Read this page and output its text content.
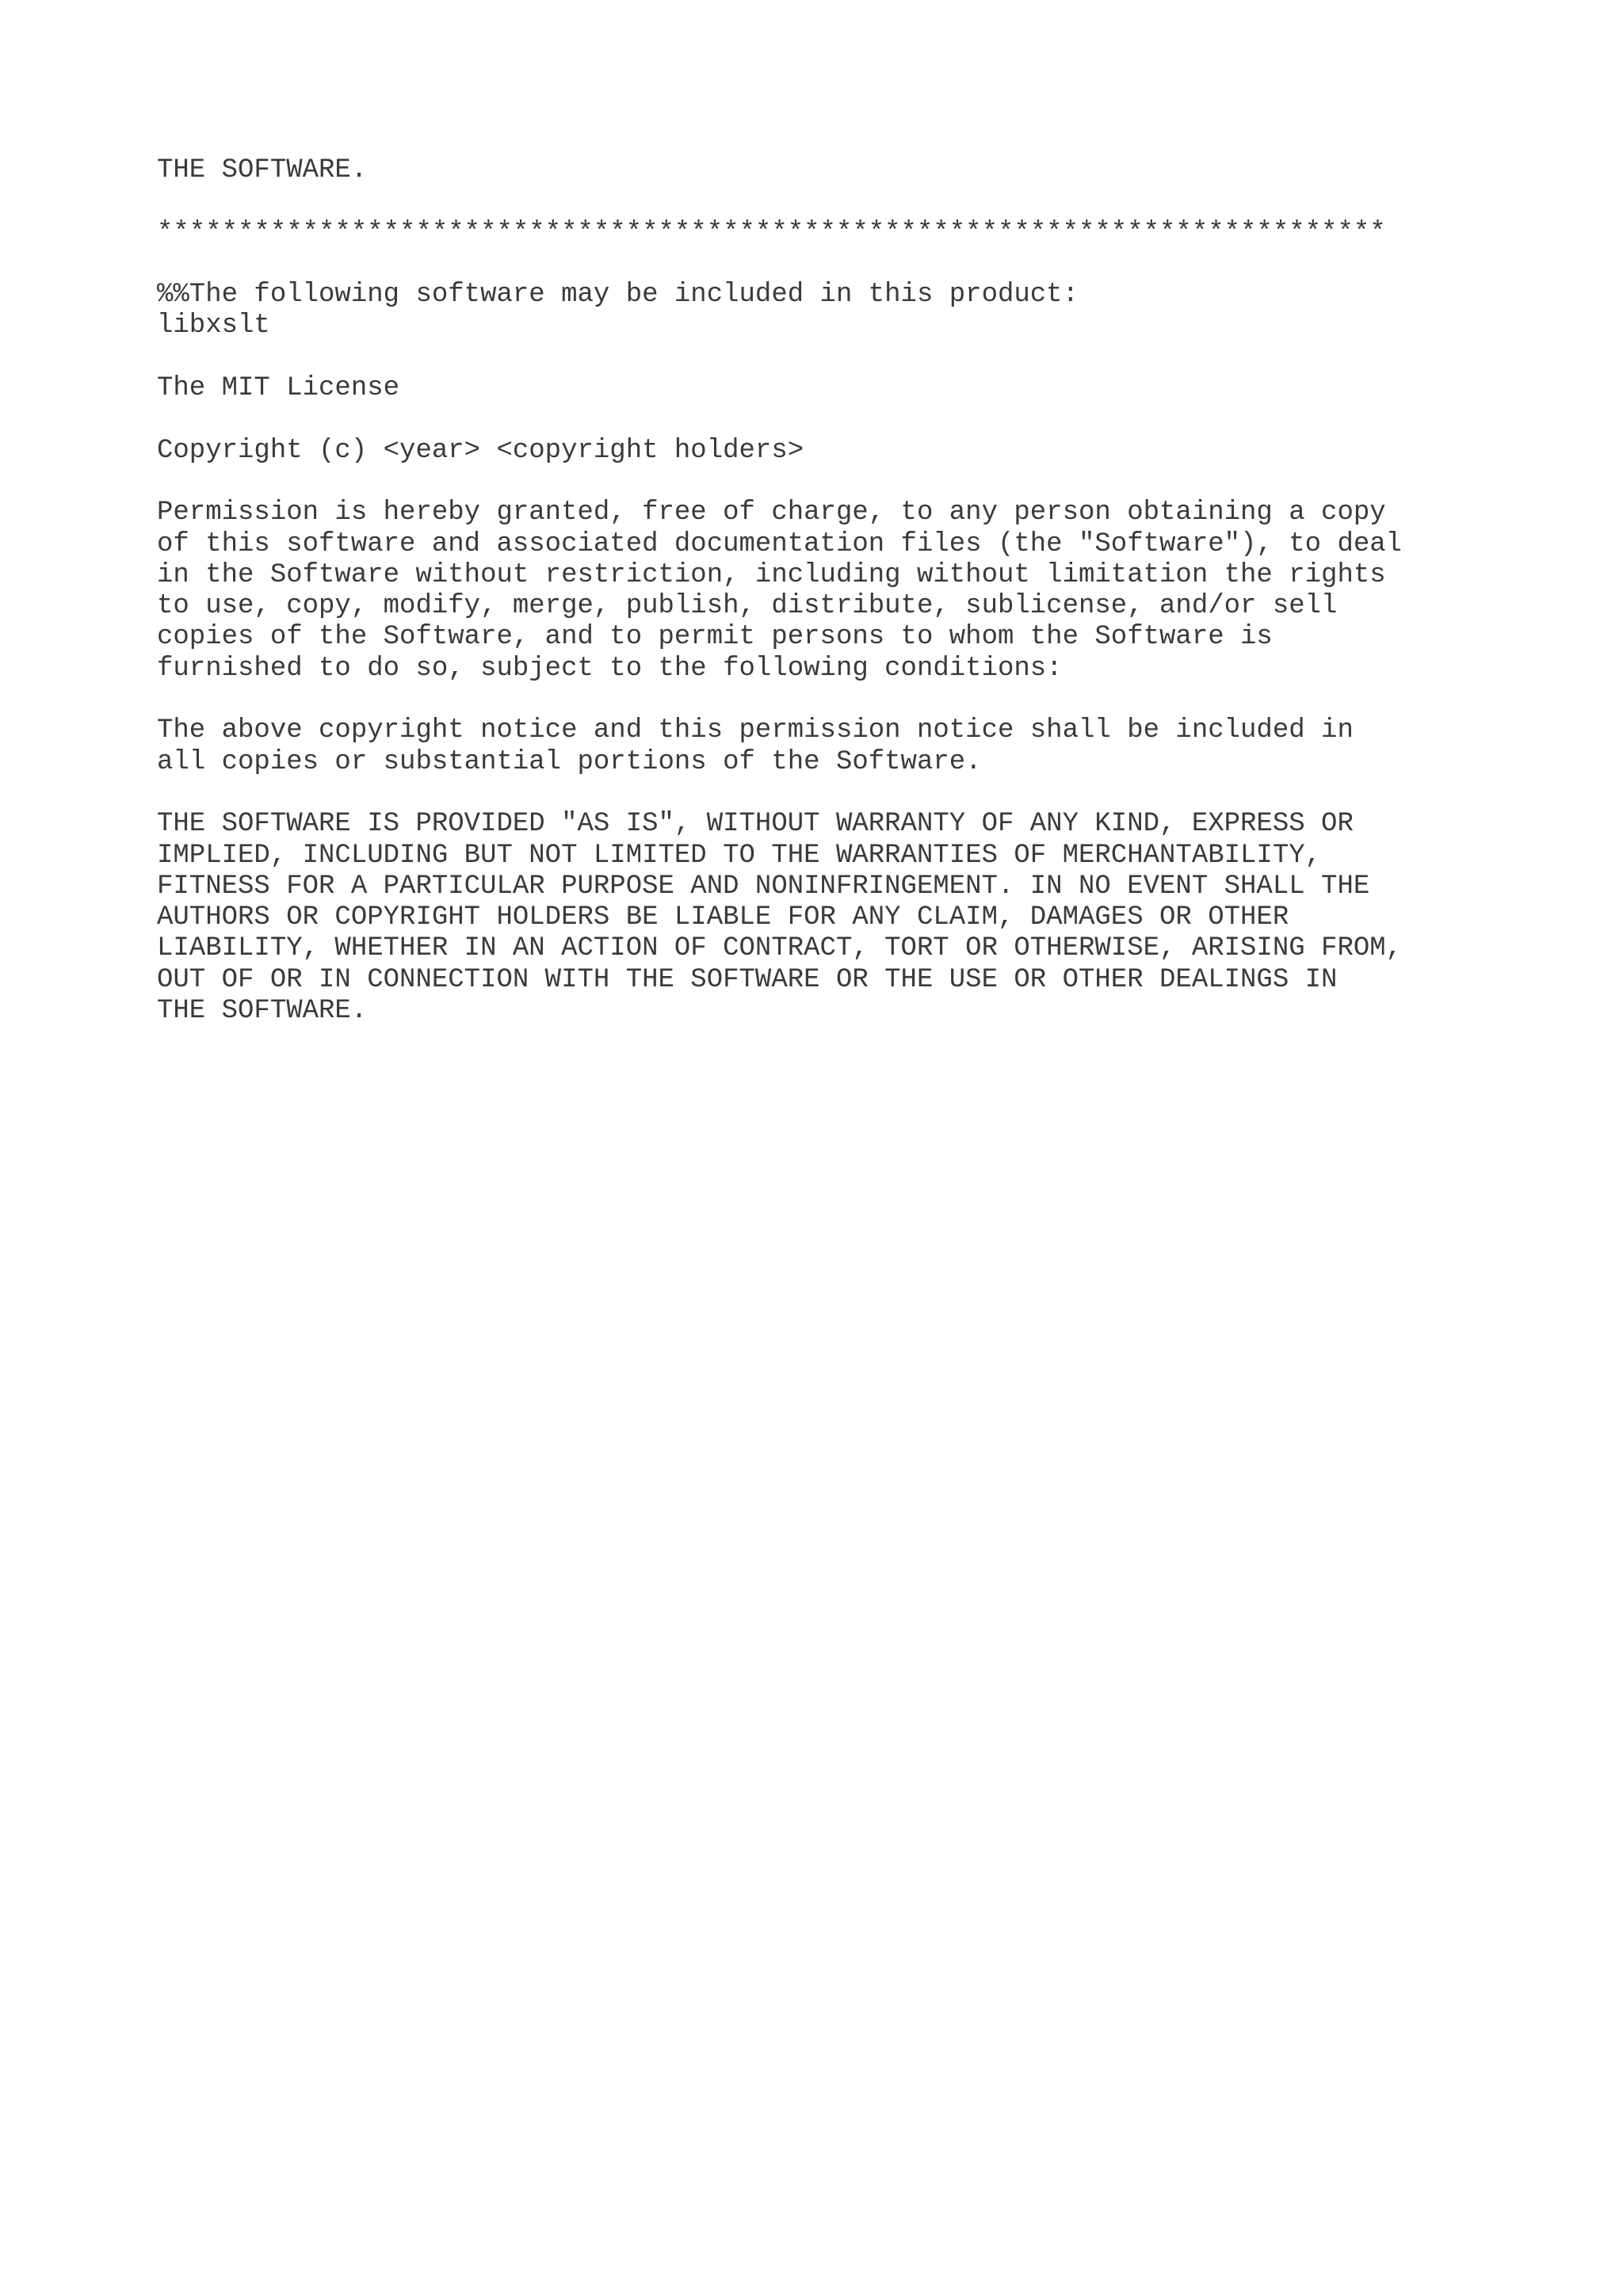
THE SOFTWARE.
****************************************************************************
%%The following software may be included in this product:
libxslt
The MIT License
Copyright (c) <year> <copyright holders>
Permission is hereby granted, free of charge, to any person obtaining a copy
of this software and associated documentation files (the "Software"), to deal
in the Software without restriction, including without limitation the rights
to use, copy, modify, merge, publish, distribute, sublicense, and/or sell
copies of the Software, and to permit persons to whom the Software is
furnished to do so, subject to the following conditions:
The above copyright notice and this permission notice shall be included in
all copies or substantial portions of the Software.
THE SOFTWARE IS PROVIDED "AS IS", WITHOUT WARRANTY OF ANY KIND, EXPRESS OR
IMPLIED, INCLUDING BUT NOT LIMITED TO THE WARRANTIES OF MERCHANTABILITY,
FITNESS FOR A PARTICULAR PURPOSE AND NONINFRINGEMENT. IN NO EVENT SHALL THE
AUTHORS OR COPYRIGHT HOLDERS BE LIABLE FOR ANY CLAIM, DAMAGES OR OTHER
LIABILITY, WHETHER IN AN ACTION OF CONTRACT, TORT OR OTHERWISE, ARISING FROM,
OUT OF OR IN CONNECTION WITH THE SOFTWARE OR THE USE OR OTHER DEALINGS IN
THE SOFTWARE.
